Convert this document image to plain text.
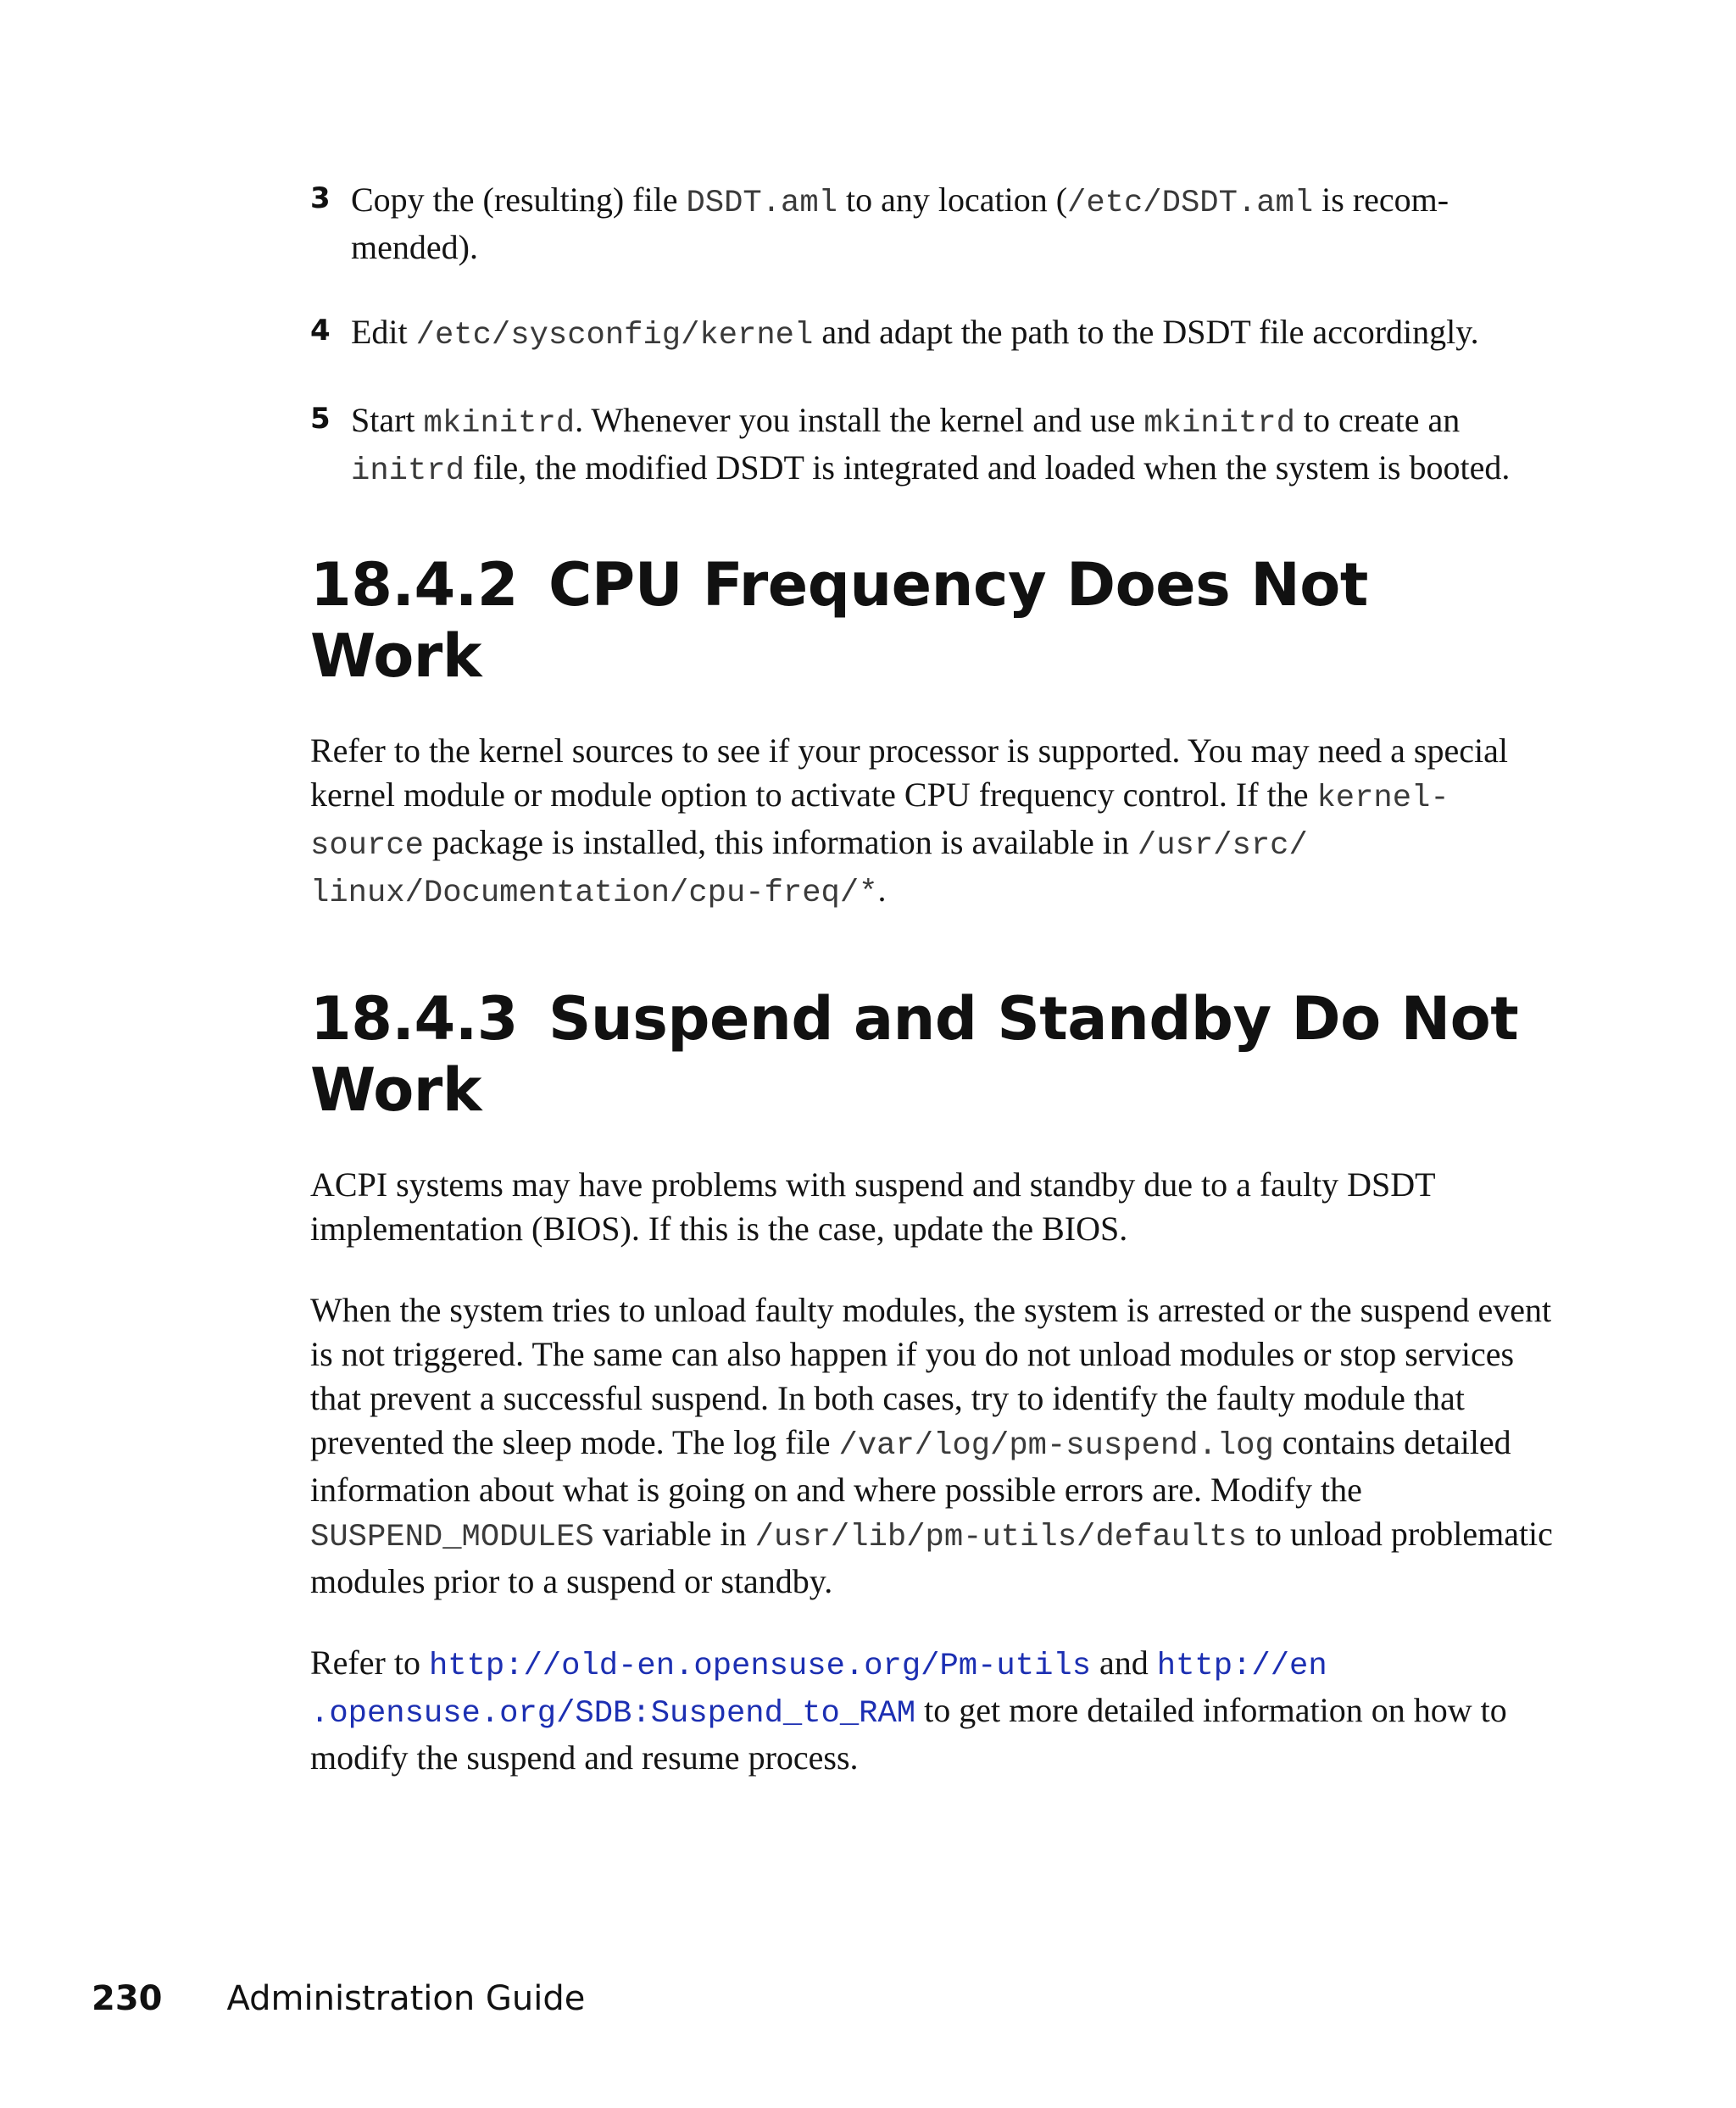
3 Copy the (resulting) file DSDT.aml to any location (/etc/DSDT.aml is recom-mended).
4 Edit /etc/sysconfig/kernel and adapt the path to the DSDT file accordingly.
5 Start mkinitrd. Whenever you install the kernel and use mkinitrd to create an initrd file, the modified DSDT is integrated and loaded when the system is booted.
18.4.2 CPU Frequency Does Not Work

Refer to the kernel sources to see if your processor is supported. You may need a special kernel module or module option to activate CPU frequency control. If the kernel-source package is installed, this information is available in /usr/src/ linux/Documentation/cpu-freq/*.

18.4.3 Suspend and Standby Do Not Work

ACPI systems may have problems with suspend and standby due to a faulty DSDT implementation (BIOS). If this is the case, update the BIOS.

When the system tries to unload faulty modules, the system is arrested or the suspend event is not triggered. The same can also happen if you do not unload modules or stop services that prevent a successful suspend. In both cases, try to identify the faulty module that prevented the sleep mode. The log file /var/log/pm-suspend.log contains detailed information about what is going on and where possible errors are. Modify the SUSPEND_MODULES variable in /usr/lib/pm-utils/defaults to unload problematic modules prior to a suspend or standby.

Refer to http://old-en.opensuse.org/Pm-utils and http://en .opensuse.org/SDB:Suspend_to_RAM to get more detailed information on how to modify the suspend and resume process.

230 Administration Guide
